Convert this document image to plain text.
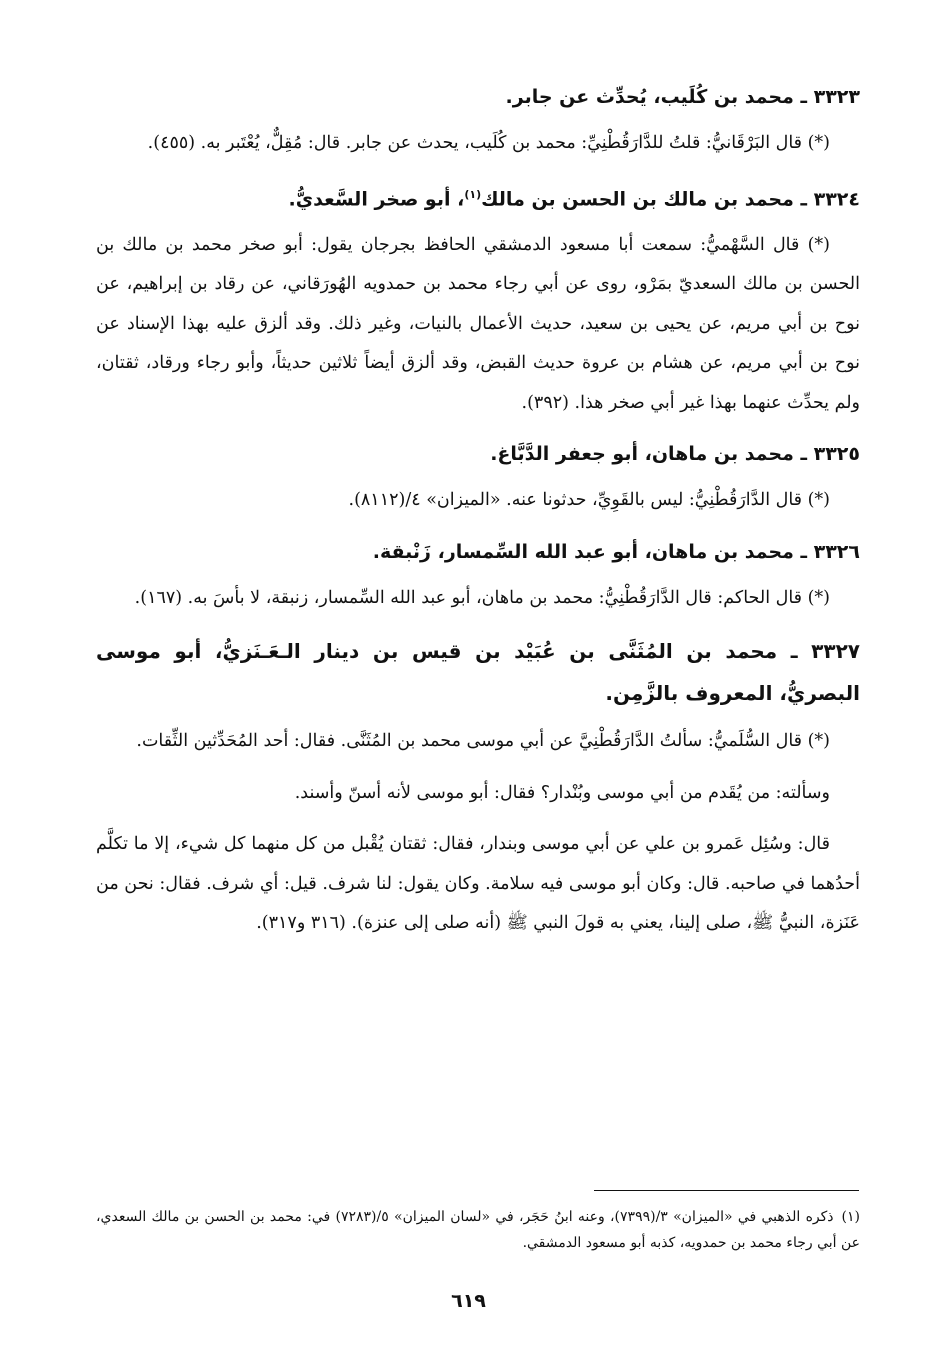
٣٣٢٣ ـ محمد بن كُلَيب، يُحدِّث عن جابر.
(*) قال البَرْقَانيُّ: قلتُ للدَّارَقُطْنِيِّ: محمد بن كُلَيب، يحدث عن جابر. قال: مُقِلٌّ، يُعْتَبر به. (٤٥٥).
٣٣٢٤ ـ محمد بن مالك بن الحسن بن مالك$^{(١)}$، أبو صخر السَّعديُّ.
(*) قال السَّهْميُّ: سمعت أبا مسعود الدمشقي الحافظ بجرجان يقول: أبو صخر محمد بن مالك بن الحسن بن مالك السعديّ بمَرْو، روى عن أبي رجاء محمد بن حمدويه الهُورَقاني، عن رقاد بن إبراهيم، عن نوح بن أبي مريم، عن يحيى بن سعيد، حديث الأعمال بالنيات، وغير ذلك. وقد ألزق عليه بهذا الإسناد عن نوح بن أبي مريم، عن هشام بن عروة حديث القبض، وقد ألزق أيضاً ثلاثين حديثاً، وأبو رجاء ورقاد، ثقتان، ولم يحدِّث عنهما بهذا غير أبي صخر هذا. (٣٩٢).
٣٣٢٥ ـ محمد بن ماهان، أبو جعفر الدَّبَّاغ.
(*) قال الدَّارَقُطْنِيُّ: ليس بالقَوِيِّ، حدثونا عنه. «الميزان» ٤/(٨١١٢).
٣٣٢٦ ـ محمد بن ماهان، أبو عبد الله السِّمسار، زَنْبقة.
(*) قال الحاكم: قال الدَّارَقُطْنِيُّ: محمد بن ماهان، أبو عبد الله السِّمسار، زنبقة، لا بأسَ به. (١٦٧).
٣٣٢٧ ـ محمد بن المُثَنَّى بن عُبَيْد بن قيس بن دينار الـعَـنَزيُّ، أبو موسى البصريُّ، المعروف بالزَّمِن.
(*) قال السُّلَميُّ: سألتُ الدَّارَقُطْنِيَّ عن أبي موسى محمد بن المُثَنَّى. فقال: أحد المُحَدِّثين الثِّقات.
وسألته: من يُقَدم من أبي موسى وبُنْدار؟ فقال: أبو موسى لأنه أسنّ وأسند.
قال: وسُئِل عَمرو بن علي عن أبي موسى وبندار، فقال: ثقتان يُقْبل من كل منهما كل شيء، إلا ما تكلَّم أحدُهما في صاحبه. قال: وكان أبو موسى فيه سلامة. وكان يقول: لنا شرف. قيل: أي شرف. فقال: نحن من عَنَزة، النبيُّ ﷺ، صلى إلينا، يعني به قولَ النبي ﷺ (أنه صلى إلى عنزة). (٣١٦ و٣١٧).
(١)ذكره الذهبي في «الميزان» ٣/(٧٣٩٩)، وعنه ابنُ حَجَر، في «لسان الميزان» ٥/(٧٢٨٣) في: محمد بن الحسن بن مالك السعدي، عن أبي رجاء محمد بن حمدويه، كذبه أبو مسعود الدمشقي.
٦١٩
